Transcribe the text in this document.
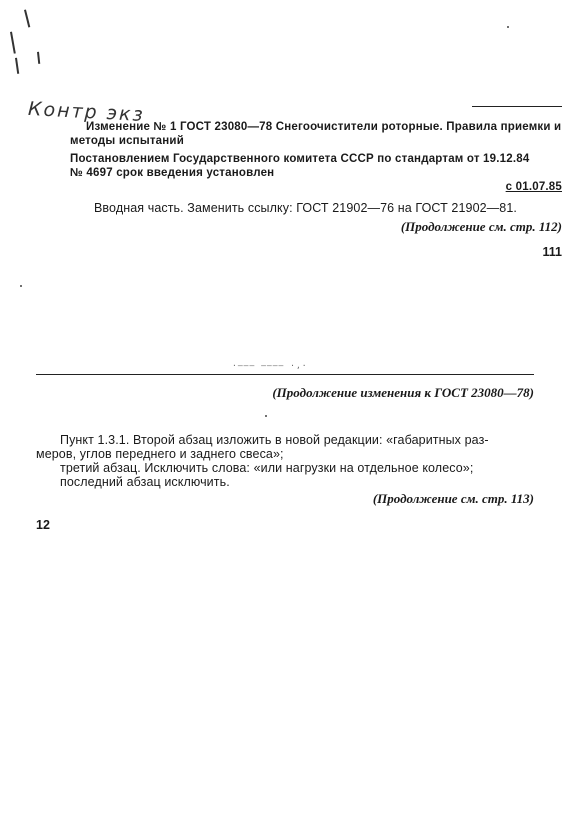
Контр экз
Изменение № 1 ГОСТ 23080—78 Снегоочистители роторные. Правила приемки и
методы испытаний
Постановлением Государственного комитета СССР по стандартам от 19.12.84
№ 4697 срок введения установлен
с 01.07.85
Вводная часть. Заменить ссылку: ГОСТ 21902—76 на ГОСТ 21902—81.
(Продолжение см. стр. 112)
111
·––– –––– ·,·
(Продолжение изменения к ГОСТ 23080—78)
Пункт 1.3.1. Второй абзац изложить в новой редакции: «габаритных раз-
меров, углов переднего и заднего свеса»;
третий абзац. Исключить слова: «или нагрузки на отдельное колесо»;
последний абзац исключить.
(Продолжение см. стр. 113)
12
